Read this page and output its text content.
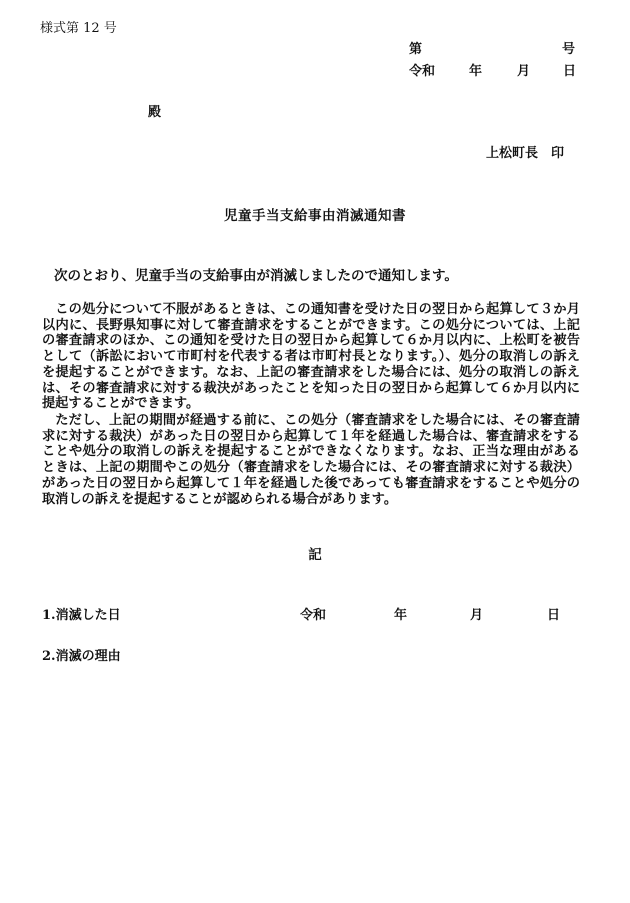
様式第 12 号
第	号
令和	年	月	日
殿
上松町長　印
児童手当支給事由消滅通知書
次のとおり、児童手当の支給事由が消滅しましたので通知します。

この処分について不服があるときは、この通知書を受けた日の翌日から起算して３か月以内に、長野県知事に対して審査請求をすることができます。この処分については、上記の審査請求のほか、この通知を受けた日の翌日から起算して６か月以内に、上松町を被告として（訴訟において市町村を代表する者は市町村長となります。）、処分の取消しの訴えを提起することができます。なお、上記の審査請求をした場合には、処分の取消しの訴えは、その審査請求に対する裁決があったことを知った日の翌日から起算して６か月以内に提起することができます。

ただし、上記の期間が経過する前に、この処分（審査請求をした場合には、その審査請求に対する裁決）があった日の翌日から起算して１年を経過した場合は、審査請求をすることや処分の取消しの訴えを提起することができなくなります。なお、正当な理由があるときは、上記の期間やこの処分（審査請求をした場合には、その審査請求に対する裁決）があった日の翌日から起算して１年を経過した後であっても審査請求をすることや処分の取消しの訴えを提起することが認められる場合があります。

記
1.消滅した日	令和	年	月	日
2.消滅の理由
